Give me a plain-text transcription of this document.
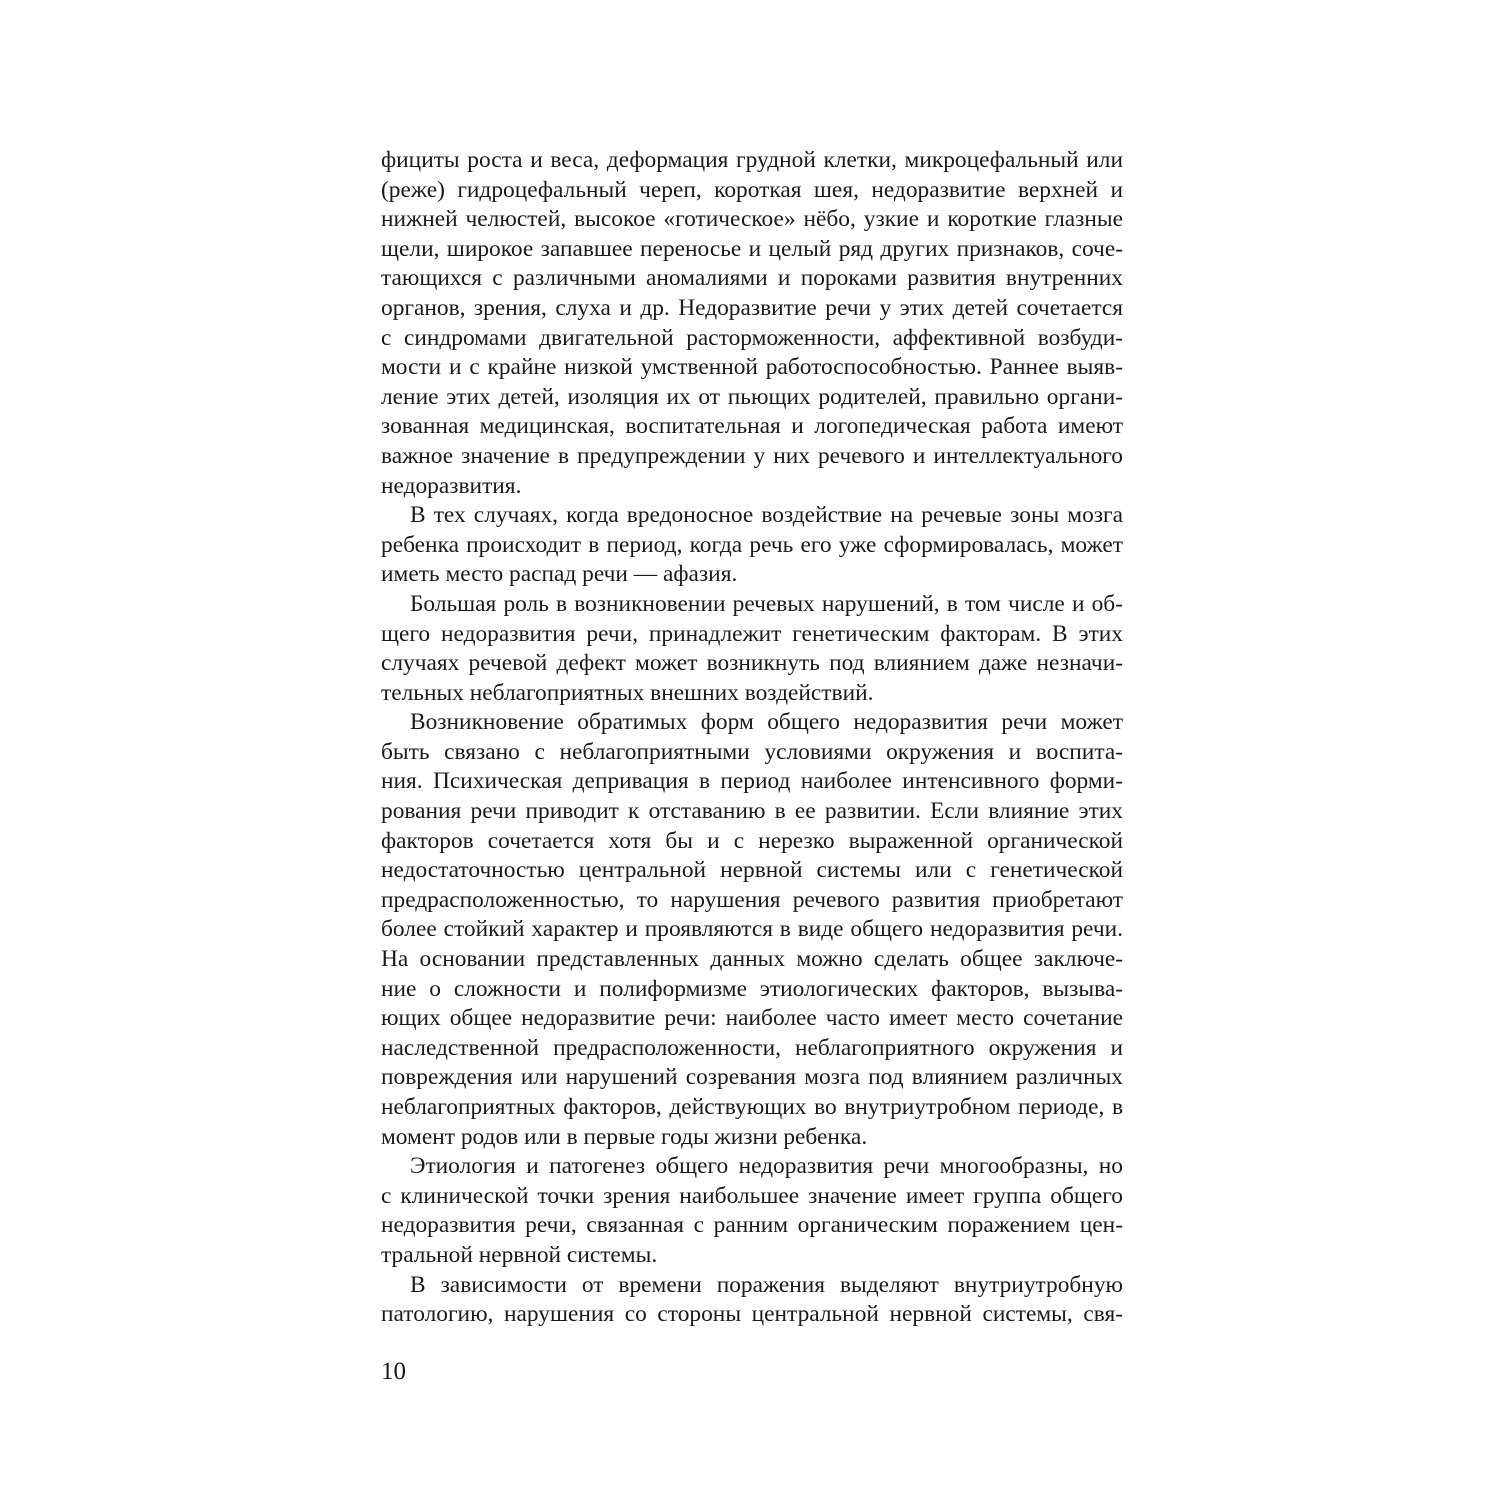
фициты роста и веса, деформация грудной клетки, микроцефальный или
(реже) гидроцефальный череп, короткая шея, недоразвитие верхней и
нижней челюстей, высокое «готическое» нёбо, узкие и короткие глазные
щели, широкое запавшее переносье и целый ряд других признаков, сочe-
тающихся с различными аномалиями и пороками развития внутренних
органов, зрения, слуха и др. Недоразвитие речи у этих детей сочетается
с синдромами двигательной расторможенности, аффективной возбуди-
мости и с крайне низкой умственной работоспособностью. Раннее выяв-
ление этих детей, изоляция их от пьющих родителей, правильно органи-
зованная медицинская, воспитательная и логопедическая работа имеют
важное значение в предупреждении у них речевого и интеллектуального
недоразвития.
В тех случаях, когда вредоносное воздействие на речевые зоны мозга
ребенка происходит в период, когда речь его уже сформировалась, может
иметь место распад речи — афазия.
Большая роль в возникновении речевых нарушений, в том числе и об-
щего недоразвития речи, принадлежит генетическим факторам. В этих
случаях речевой дефект может возникнуть под влиянием даже незначи-
тельных неблагоприятных внешних воздействий.
Возникновение обратимых форм общего недоразвития речи может
быть связано с неблагоприятными условиями окружения и воспита-
ния. Психическая депривация в период наиболее интенсивного форми-
рования речи приводит к отставанию в ее развитии. Если влияние этих
факторов сочетается хотя бы и с нерезко выраженной органической
недостаточностью центральной нервной системы или с генетической
предрасположенностью, то нарушения речевого развития приобретают
более стойкий характер и проявляются в виде общего недоразвития речи.
На основании представленных данных можно сделать общее заключе-
ние о сложности и полиформизме этиологических факторов, вызыва-
ющих общее недоразвитие речи: наиболее часто имеет место сочетание
наследственной предрасположенности, неблагоприятного окружения и
повреждения или нарушений созревания мозга под влиянием различных
неблагоприятных факторов, действующих во внутриутробном периоде, в
момент родов или в первые годы жизни ребенка.
Этиология и патогенез общего недоразвития речи многообразны, но
с клинической точки зрения наибольшее значение имеет группа общего
недоразвития речи, связанная с ранним органическим поражением цен-
тральной нервной системы.
В зависимости от времени поражения выделяют внутриутробную
патологию, нарушения со стороны центральной нервной системы, свя-
10
